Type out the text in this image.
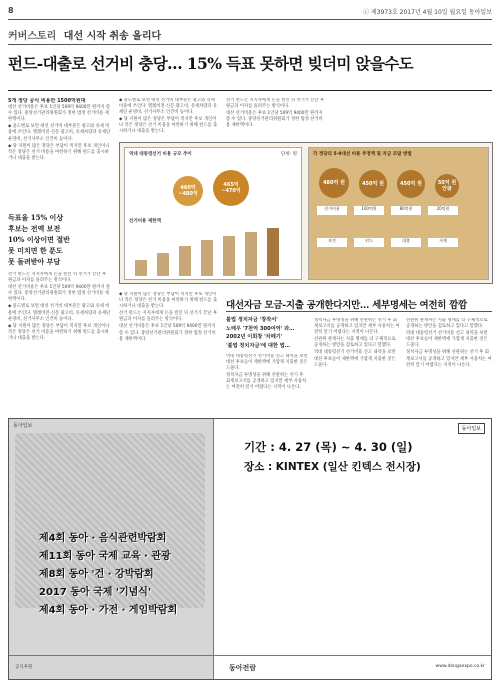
8	ⓒ 제3973호 2017년 4월 10일 월요일 동아일보
커버스토리 대선 시작 취송 올리다
펀드-대출로 선거비 충당… 15% 득표 못하면 빚더미 앉을수도
5개 정당 공식 비용만 1500억원대
대선 선거비용은 후보 1인당 509억 9400만 원까지 쓸 수 있다. 중앙선거관리위원회가 정한 법정 선거비용 제한액이다.
◆ 용도별로 보면 대선 선거비 대부분은 광고와 유세 비용에 쓰인다. 텔레비전·신문 광고비, 유세차량과 유세단 운영비, 선거사무소 인건비 등이다.
◆ 당 지원이 많은 정당은 부담이 적지만 후보 개인이나 작은 정당은 선거 비용을 마련하기 위해 펀드를 출시하거나 대출을 받는다.
득표율 15% 이상
후보는 전액 보전
10% 이상이면 절반
못 미치면 한 푼도
못 돌려받아 부담
선거 펀드는 지지자에게 돈을 빌린 뒤 선거가 끝난 후 원금과 이자를 돌려주는 방식이다.
대선 선거비용은 후보 1인당 509억 9400만 원까지 쓸 수 있다. 중앙선거관리위원회가 정한 법정 선거비용 제한액이다.
◆ 용도별로 보면 대선 선거비 대부분은 광고와 유세 비용에 쓰인다. 텔레비전·신문 광고비, 유세차량과 유세단 운영비, 선거사무소 인건비 등이다.
◆ 당 지원이 많은 정당은 부담이 적지만 후보 개인이나 작은 정당은 선거 비용을 마련하기 위해 펀드를 출시하거나 대출을 받는다.
◆ 용도별로 보면 대선 선거비 대부분은 광고와 유세 비용에 쓰인다. 텔레비전·신문 광고비, 유세차량과 유세단 운영비, 선거사무소 인건비 등이다.
◆ 당 지원이 많은 정당은 부담이 적지만 후보 개인이나 작은 정당은 선거 비용을 마련하기 위해 펀드를 출시하거나 대출을 받는다.
선거 펀드는 지지자에게 돈을 빌린 뒤 선거가 끝난 후 원금과 이자를 돌려주는 방식이다.
대선 선거비용은 후보 1인당 509억 9400만 원까지 쓸 수 있다. 중앙선거관리위원회가 정한 법정 선거비용 제한액이다.
역대 대통령선거 비용 규모 추이	단위: 원
460억
~480억
465억
~470억
선거비용 제한액
각 정당의 5·9대선 비용 추정액 및 자금 조달 방법
480억 원	450억 원	450억 원	50억 원
안팎
선거비용	100억원	80억원	20억원
보전	펀드	대출	자체
◆ 당 지원이 많은 정당은 부담이 적지만 후보 개인이나 작은 정당은 선거 비용을 마련하기 위해 펀드를 출시하거나 대출을 받는다.
선거 펀드는 지지자에게 돈을 빌린 뒤 선거가 끝난 후 원금과 이자를 돌려주는 방식이다.
대선 선거비용은 후보 1인당 509억 9400만 원까지 쓸 수 있다. 중앙선거관리위원회가 정한 법정 선거비용 제한액이다.
대선자금 모금-지출 공개한다지만… 세부명세는 여전히 깜깜
불법 정치자금 '창작서'
노태우 '7천억 300여억' 과…
2002년 이회창 '차떼기'
'불법 정치자금'에 대한 법…
역대 대통령선거 선거비용 신고 내역을 보면 대선 후보들이 제한액에 가깝게 지출한 것은 드물다.
정치자금 투명성을 위해 선관위는 선거 후 회계보고서를 공개하고 있지만 세부 사용처는 여전히 알기 어렵다는 지적이 나온다.
정치자금 투명성을 위해 선관위는 선거 후 회계보고서를 공개하고 있지만 세부 사용처는 여전히 알기 어렵다는 지적이 나온다.
선관위 관계자는 지출 명세를 더 구체적으로 공개하는 방안을 검토하고 있다고 말했다.
역대 대통령선거 선거비용 신고 내역을 보면 대선 후보들이 제한액에 가깝게 지출한 것은 드물다.
선관위 관계자는 지출 명세를 더 구체적으로 공개하는 방안을 검토하고 있다고 말했다.
역대 대통령선거 선거비용 신고 내역을 보면 대선 후보들이 제한액에 가깝게 지출한 것은 드물다.
정치자금 투명성을 위해 선관위는 선거 후 회계보고서를 공개하고 있지만 세부 사용처는 여전히 알기 어렵다는 지적이 나온다.
동아일보	동아일보
기간 : 4. 27 (목) ~ 4. 30 (일)
장소 : KINTEX (일산 킨텍스 전시장)
제4회 동아 · 음식관련박람회
제11회 동아 국제 교육 · 관광
제8회 동아 '건 · 강박람회
2017 동아 국제 '기념식'
제4회 동아 · 가전 · 게임박람회
공식후원	동아전람	www.dongaexpo.co.kr
